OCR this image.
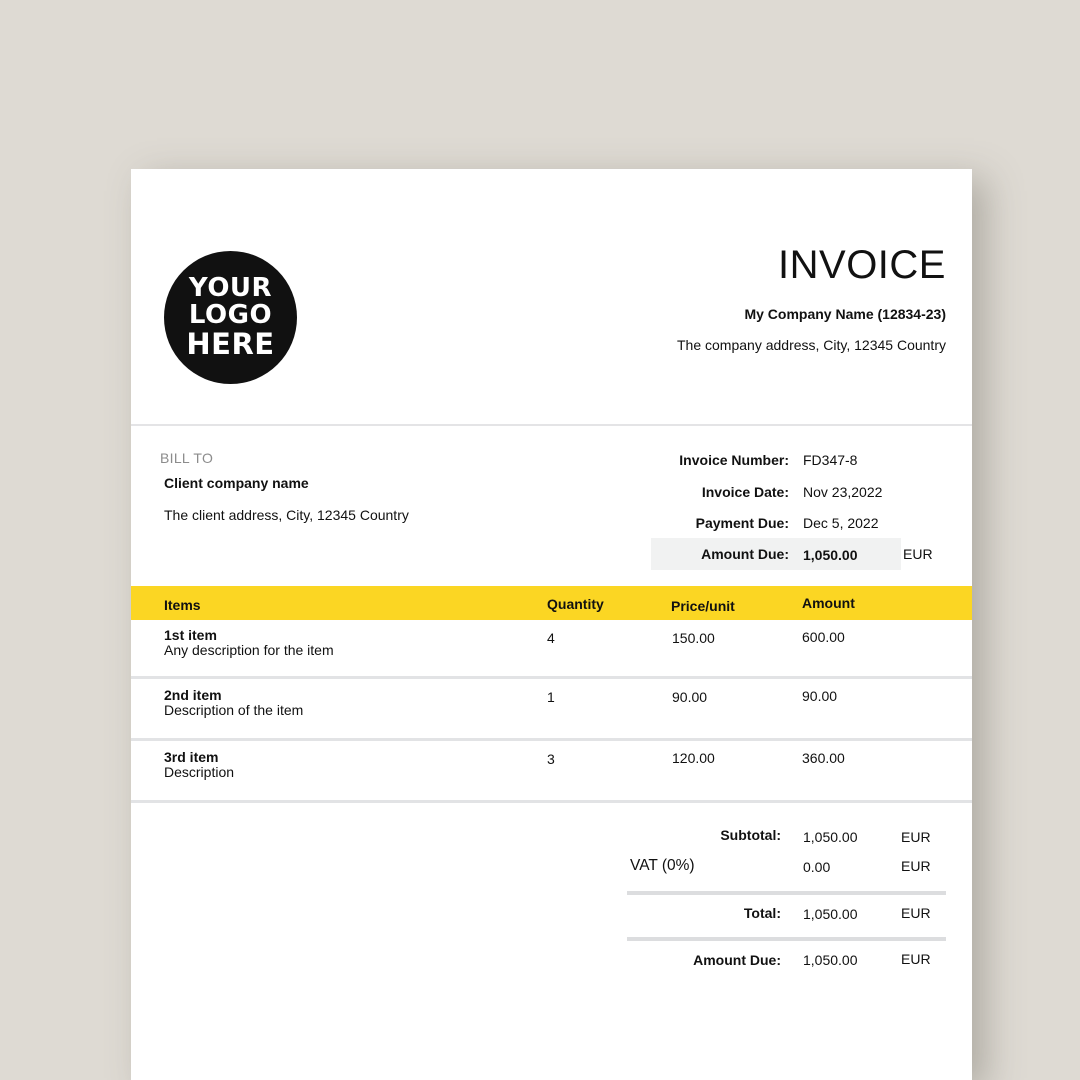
YOUR
LOGO
HERE
INVOICE
My Company Name (12834-23)
The company address, City, 12345 Country
BILL TO
Client company name
The client address, City, 12345 Country
Invoice Number: FD347-8
Invoice Date: Nov 23,2022
Payment Due: Dec 5, 2022
Amount Due: 1,050.00	EUR
Items	Quantity	Price/unit	Amount
1st item
Any description for the item
4	150.00	600.00
2nd item
Description of the item
1	90.00	90.00
3rd item
Description
3	120.00	360.00
Subtotal: 1,050.00	EUR
VAT (0%)	0.00	EUR
Total: 1,050.00	EUR
Amount Due: 1,050.00	EUR
